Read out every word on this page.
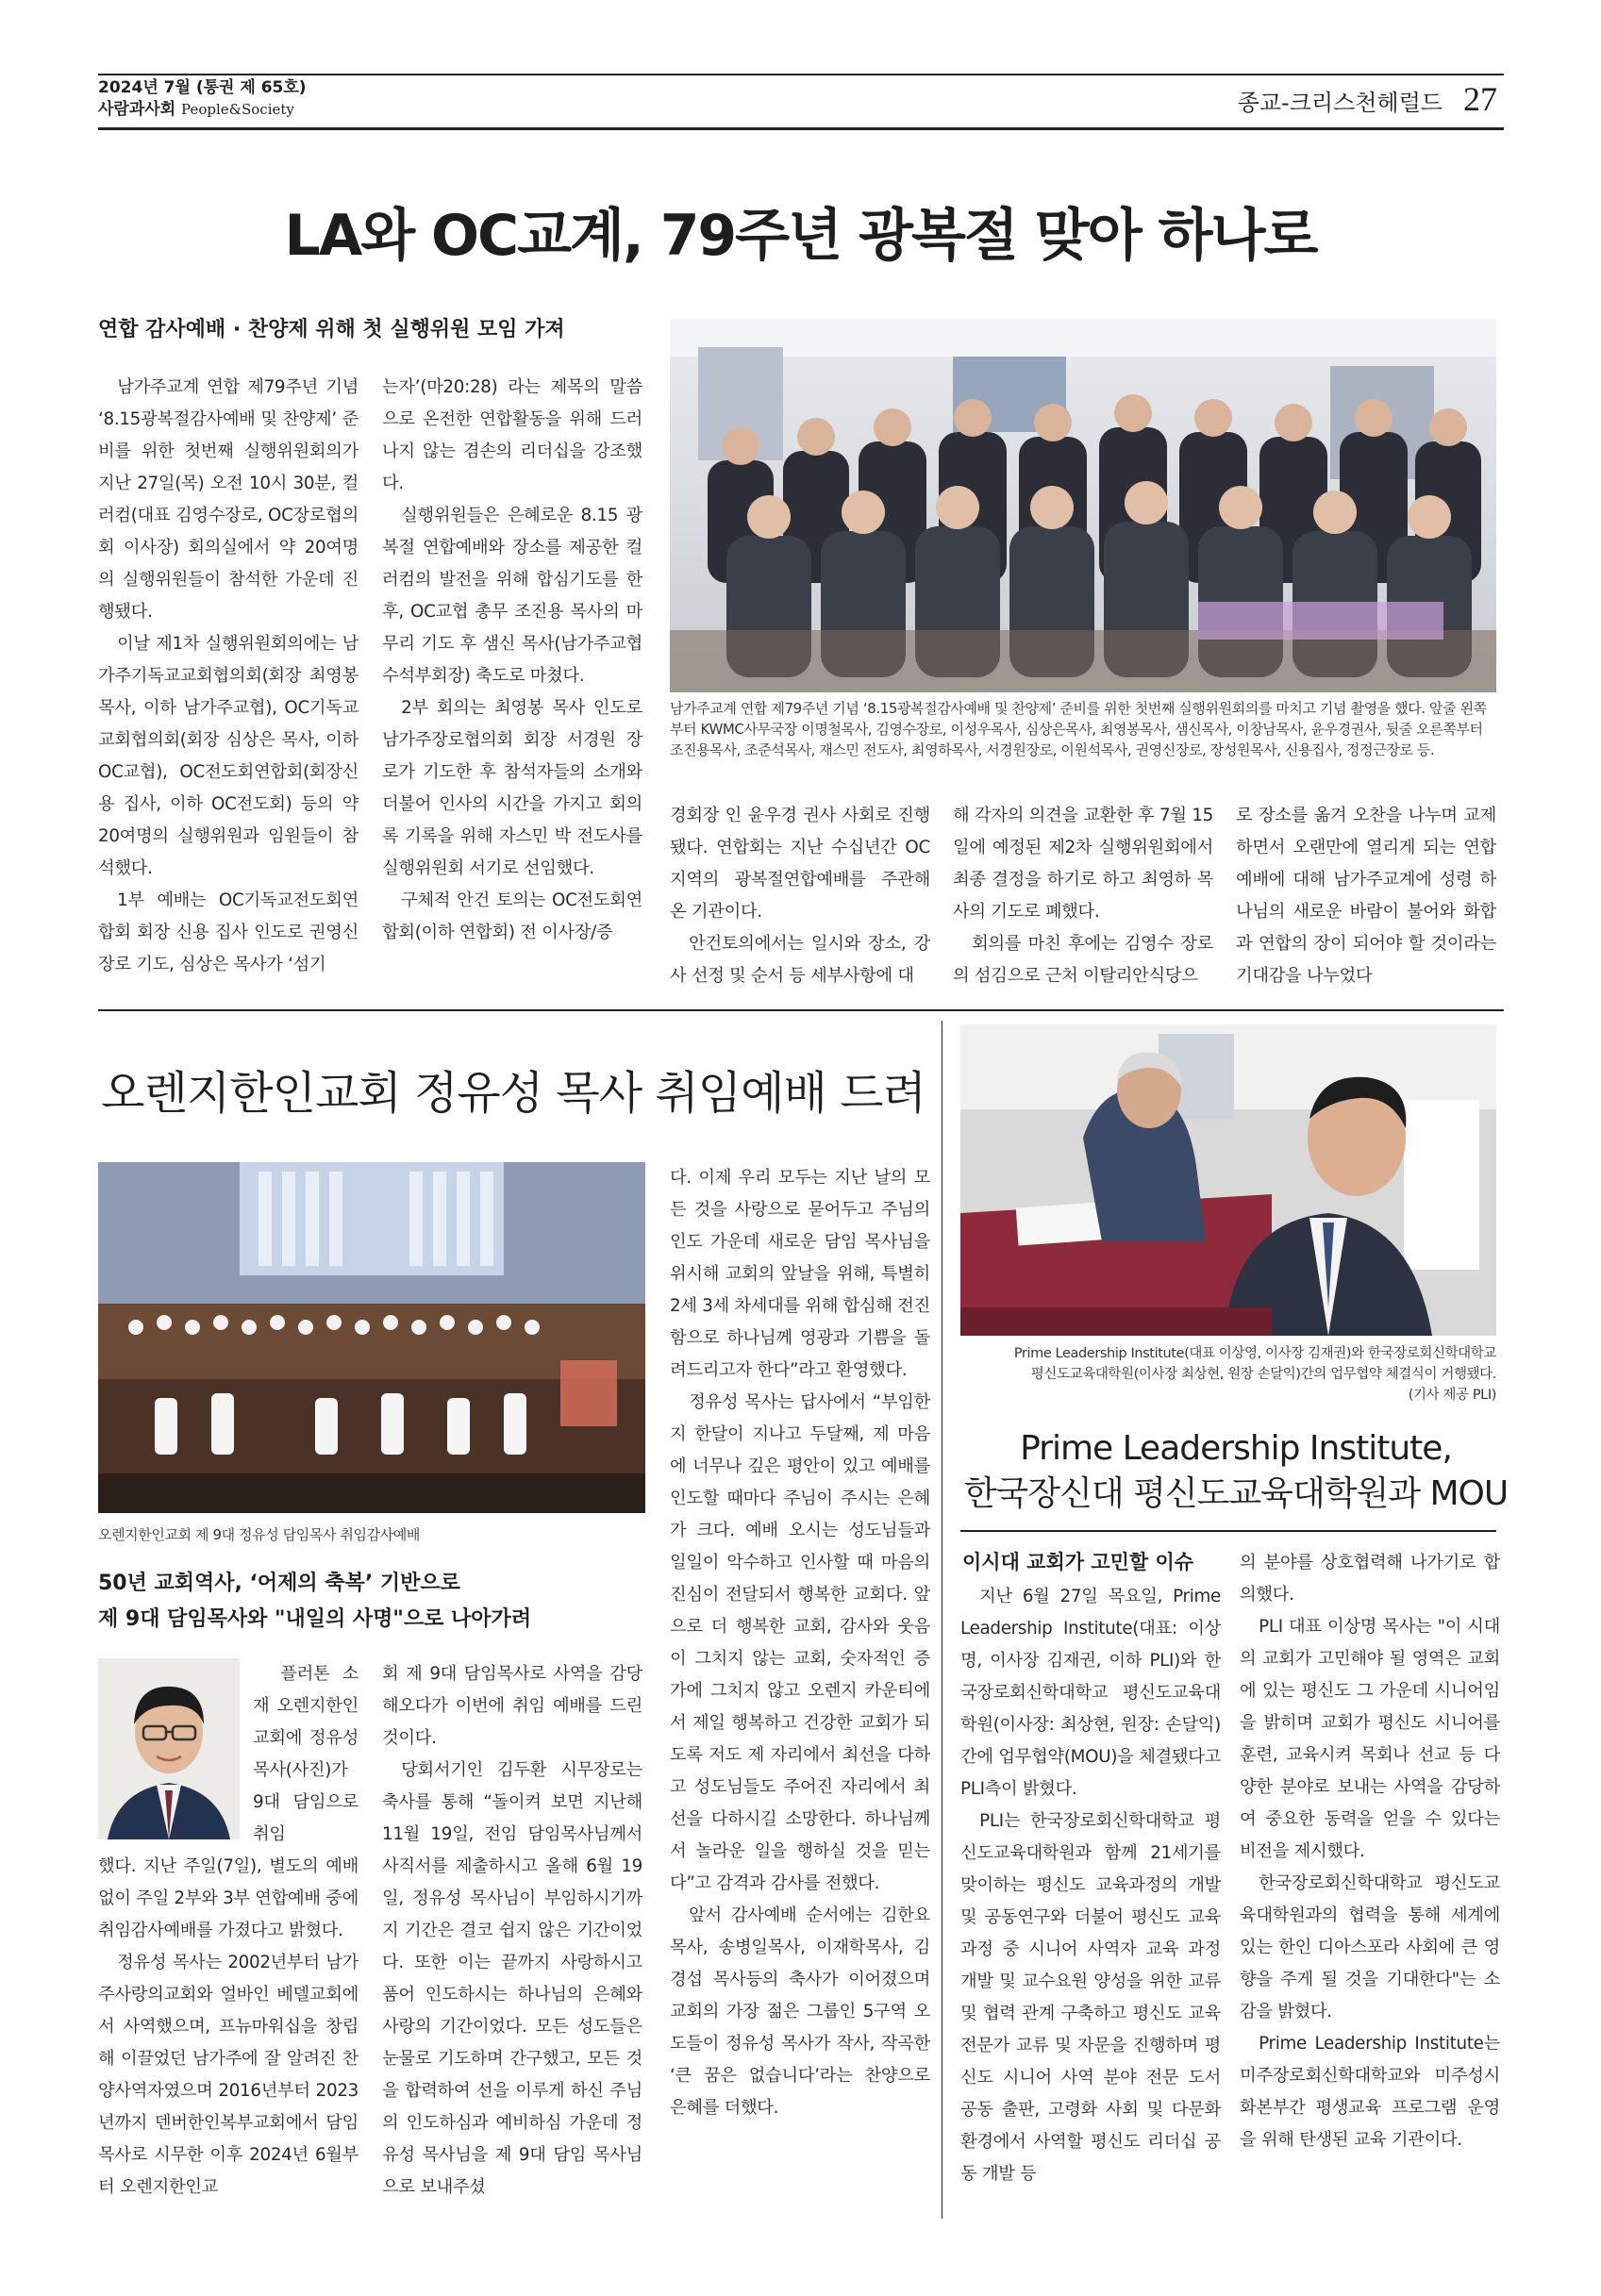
2024년 7월 (통권 제 65호)
사람과사회 People&Society	종교-크리스천헤럴드 27
LA와 OC교계, 79주년 광복절 맞아 하나로
연합 감사예배 · 찬양제 위해 첫 실행위원 모임 가져

남가주교계 연합 제79주년 기념 ‘8.15광복절감사예배 및 찬양제’ 준비를 위한 첫번째 실행위원회의가 지난 27일(목) 오전 10시 30분, 컬러컴(대표 김영수장로, OC장로협의회 이사장) 회의실에서 약 20여명의 실행위원들이 참석한 가운데 진행됐다.

이날 제1차 실행위원회의에는 남가주기독교교회협의회(회장 최영봉 목사, 이하 남가주교협), OC기독교교회협의회(회장 심상은 목사, 이하 OC교협), OC전도회연합회(회장신용 집사, 이하 OC전도회) 등의 약 20여명의 실행위원과 임원들이 참석했다.

1부 예배는 OC기독교전도회연합회 회장 신용 집사 인도로 권영신 장로 기도, 심상은 목사가 ‘섬기

는자’(마20:28) 라는 제목의 말씀으로 온전한 연합활동을 위해 드러나지 않는 겸손의 리더십을 강조했다.

실행위원들은 은혜로운 8.15 광복절 연합예배와 장소를 제공한 컬러컴의 발전을 위해 합심기도를 한 후, OC교협 총무 조진용 목사의 마무리 기도 후 샘신 목사(남가주교협 수석부회장) 축도로 마쳤다.

2부 회의는 최영봉 목사 인도로 남가주장로협의회 회장 서경원 장로가 기도한 후 참석자들의 소개와 더불어 인사의 시간을 가지고 회의록 기록을 위해 자스민 박 전도사를 실행위원회 서기로 선임했다.

구체적 안건 토의는 OC전도회연합회(이하 연합회) 전 이사장/증

남가주교계 연합 제79주년 기념 ‘8.15광복절감사예배 및 찬양제’ 준비를 위한 첫번째 실행위원회의를 마치고 기념 촬영을 했다. 앞줄 왼쪽부터 KWMC사무국장 이명철목사, 김영수장로, 이성우목사, 심상은목사, 최영봉목사, 샘신목사, 이창남목사, 윤우경권사, 뒷줄 오른쪽부터 조진용목사, 조준석목사, 재스민 전도사, 최영하목사, 서경원장로, 이원석목사, 권영신장로, 장성원목사, 신용집사, 정정근장로 등.

경회장 인 윤우경 권사 사회로 진행됐다. 연합회는 지난 수십년간 OC지역의 광복절연합예배를 주관해 온 기관이다.

안건토의에서는 일시와 장소, 강사 선정 및 순서 등 세부사항에 대

해 각자의 의견을 교환한 후 7월 15일에 예정된 제2차 실행위원회에서 최종 결정을 하기로 하고 최영하 목사의 기도로 폐했다.

회의를 마친 후에는 김영수 장로의 섬김으로 근처 이탈리안식당으

로 장소를 옮겨 오찬을 나누며 교제하면서 오랜만에 열리게 되는 연합예배에 대해 남가주교계에 성령 하나님의 새로운 바람이 불어와 화합과 연합의 장이 되어야 할 것이라는 기대감을 나누었다

오렌지한인교회 정유성 목사 취임예배 드려
오렌지한인교회 제 9대 정유성 담임목사 취임감사예배
50년 교회역사, ‘어제의 축복’ 기반으로
제 9대 담임목사와 "내일의 사명"으로 나아가려

플러톤 소재 오렌지한인교회에 정유성 목사(사진)가 9대 담임으로 취임

했다. 지난 주일(7일), 별도의 예배없이 주일 2부와 3부 연합예배 중에 취임감사예배를 가졌다고 밝혔다.

정유성 목사는 2002년부터 남가주사랑의교회와 얼바인 베델교회에서 사역했으며, 프뉴마워십을 창립해 이끌었던 남가주에 잘 알려진 찬양사역자였으며 2016년부터 2023년까지 덴버한인복부교회에서 담임목사로 시무한 이후 2024년 6월부터 오렌지한인교

회 제 9대 담임목사로 사역을 감당해오다가 이번에 취임 예배를 드린 것이다.

당회서기인 김두환 시무장로는 축사를 통해 “돌이켜 보면 지난해 11월 19일, 전임 담임목사님께서 사직서를 제출하시고 올해 6월 19일, 정유성 목사님이 부임하시기까지 기간은 결코 쉽지 않은 기간이었다. 또한 이는 끝까지 사랑하시고 품어 인도하시는 하나님의 은혜와 사랑의 기간이었다. 모든 성도들은 눈물로 기도하며 간구했고, 모든 것을 합력하여 선을 이루게 하신 주님의 인도하심과 예비하심 가운데 정유성 목사님을 제 9대 담임 목사님으로 보내주셨

다. 이제 우리 모두는 지난 날의 모든 것을 사랑으로 묻어두고 주님의 인도 가운데 새로운 담임 목사님을 위시해 교회의 앞날을 위해, 특별히 2세 3세 차세대를 위해 합심해 전진함으로 하나님께 영광과 기쁨을 돌려드리고자 한다”라고 환영했다.

정유성 목사는 답사에서 “부임한지 한달이 지나고 두달째, 제 마음에 너무나 깊은 평안이 있고 예배를 인도할 때마다 주님이 주시는 은혜가 크다. 예배 오시는 성도님들과 일일이 악수하고 인사할 때 마음의 진심이 전달되서 행복한 교회다. 앞으로 더 행복한 교회, 감사와 웃음이 그치지 않는 교회, 숫자적인 증가에 그치지 않고 오렌지 카운티에서 제일 행복하고 건강한 교회가 되도록 저도 제 자리에서 최선을 다하고 성도님들도 주어진 자리에서 최선을 다하시길 소망한다. 하나님께서 놀라운 일을 행하실 것을 믿는다”고 감격과 감사를 전했다.

앞서 감사예배 순서에는 김한요 목사, 송병일목사, 이재학목사, 김경섭 목사등의 축사가 이어졌으며 교회의 가장 젊은 그룹인 5구역 오도들이 정유성 목사가 작사, 작곡한 ‘큰 꿈은 없습니다’라는 찬양으로 은혜를 더했다.

Prime Leadership Institute(대표 이상영, 이사장 김재권)와 한국장로회신학대학교
평신도교육대학원(이사장 최상현, 원장 손달익)간의 업무협약 체결식이 거행됐다.
(기사 제공 PLI)
Prime Leadership Institute,
한국장신대 평신도교육대학원과 MOU
이시대 교회가 고민할 이슈

지난 6월 27일 목요일, Prime Leadership Institute(대표: 이상명, 이사장 김재권, 이하 PLI)와 한국장로회신학대학교 평신도교육대학원(이사장: 최상현, 원장: 손달익) 간에 업무협약(MOU)을 체결됐다고 PLI측이 밝혔다.

PLI는 한국장로회신학대학교 평신도교육대학원과 함께 21세기를 맞이하는 평신도 교육과정의 개발 및 공동연구와 더불어 평신도 교육과정 중 시니어 사역자 교육 과정 개발 및 교수요원 양성을 위한 교류 및 협력 관계 구축하고 평신도 교육 전문가 교류 및 자문을 진행하며 평신도 시니어 사역 분야 전문 도서 공동 출판, 고령화 사회 및 다문화 환경에서 사역할 평신도 리더십 공동 개발 등

의 분야를 상호협력해 나가기로 합의했다.

PLI 대표 이상명 목사는 "이 시대의 교회가 고민해야 될 영역은 교회에 있는 평신도 그 가운데 시니어임을 밝히며 교회가 평신도 시니어를 훈련, 교육시켜 목회나 선교 등 다양한 분야로 보내는 사역을 감당하여 중요한 동력을 얻을 수 있다는 비전을 제시했다.

한국장로회신학대학교 평신도교육대학원과의 협력을 통해 세계에 있는 한인 디아스포라 사회에 큰 영향을 주게 될 것을 기대한다"는 소감을 밝혔다.

Prime Leadership Institute는 미주장로회신학대학교와 미주성시화본부간 평생교육 프로그램 운영을 위해 탄생된 교육 기관이다.
